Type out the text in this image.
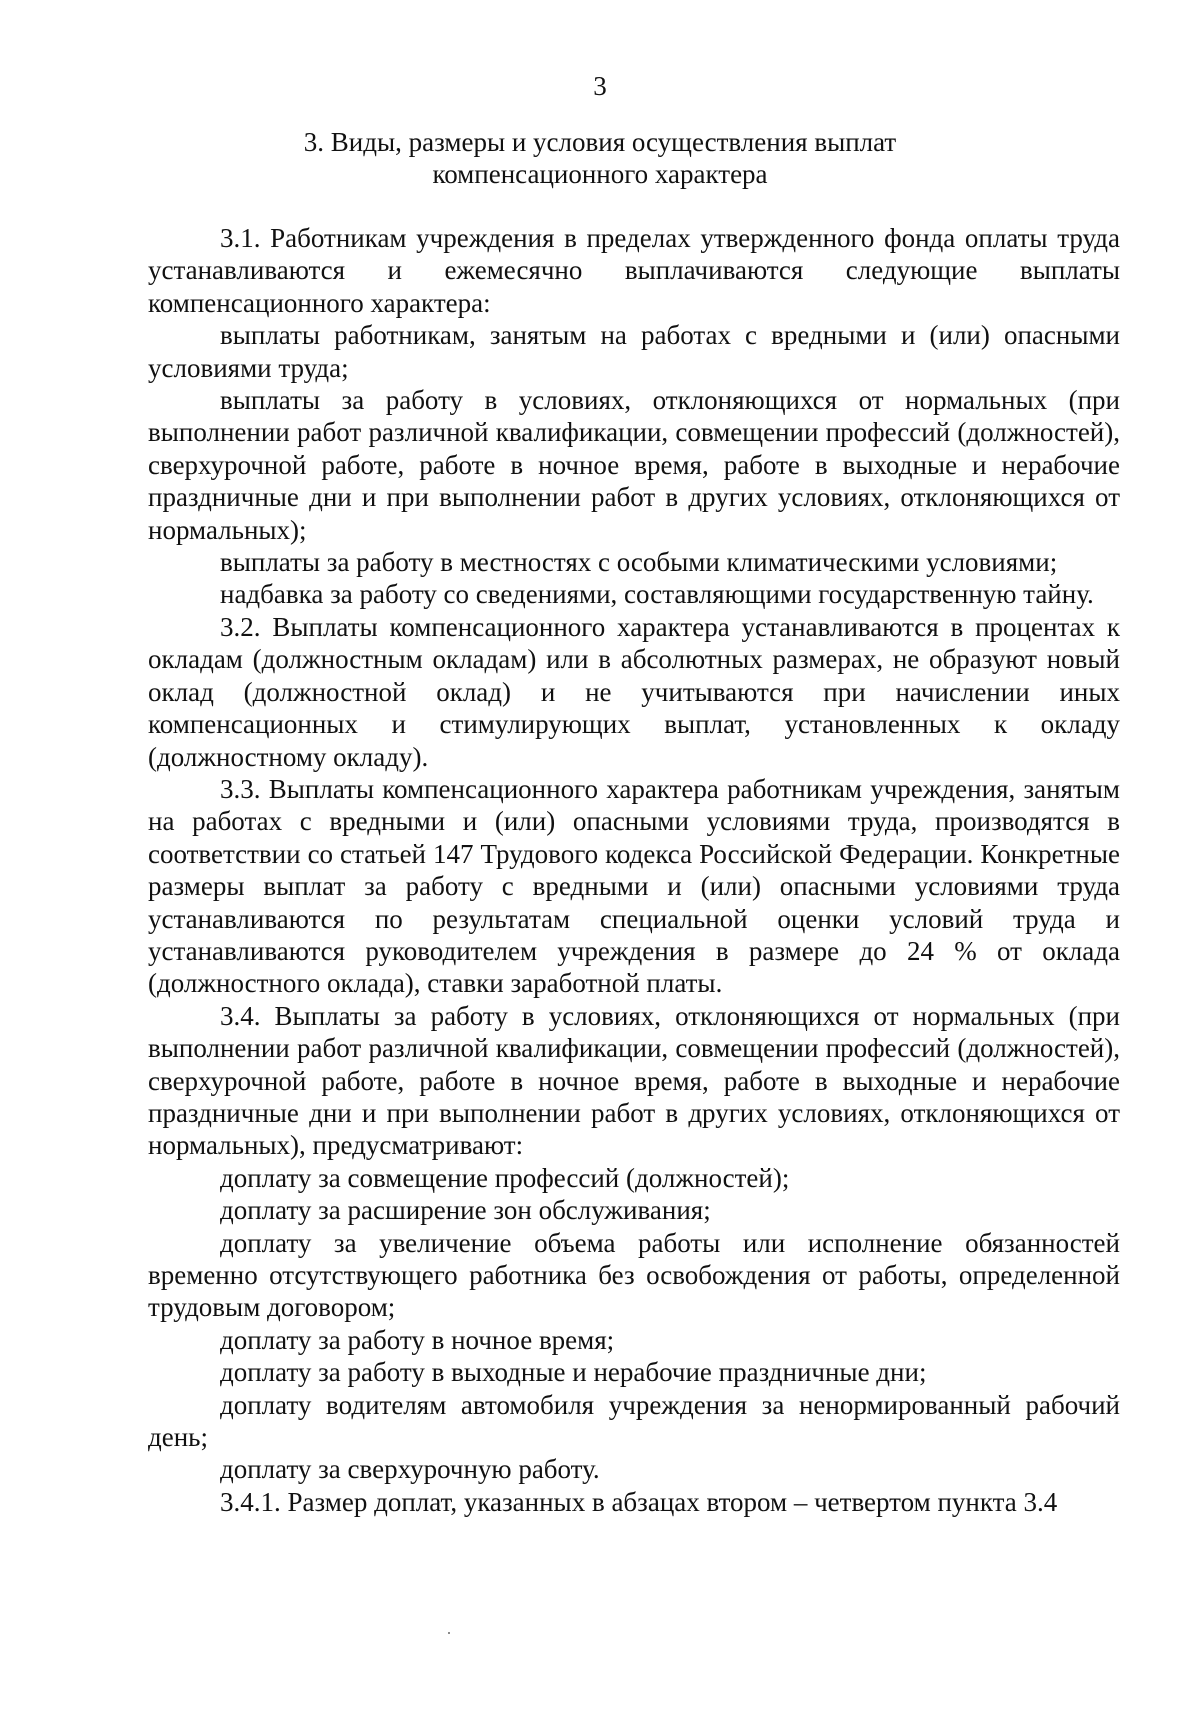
3
3. Виды, размеры и условия осуществления выплат
компенсационного характера

3.1. Работникам учреждения в пределах утвержденного фонда оплаты труда устанавливаются и ежемесячно выплачиваются следующие выплаты компенсационного характера:

выплаты работникам, занятым на работах с вредными и (или) опасными условиями труда;

выплаты за работу в условиях, отклоняющихся от нормальных (при выполнении работ различной квалификации, совмещении профессий (должностей), сверхурочной работе, работе в ночное время, работе в выходные и нерабочие праздничные дни и при выполнении работ в других условиях, отклоняющихся от нормальных);

выплаты за работу в местностях с особыми климатическими условиями;

надбавка за работу со сведениями, составляющими государственную тайну.

3.2. Выплаты компенсационного характера устанавливаются в процентах к окладам (должностным окладам) или в абсолютных размерах, не образуют новый оклад (должностной оклад) и не учитываются при начислении иных компенсационных и стимулирующих выплат, установленных к окладу (должностному окладу).

3.3. Выплаты компенсационного характера работникам учреждения, занятым на работах с вредными и (или) опасными условиями труда, производятся в соответствии со статьей 147 Трудового кодекса Российской Федерации. Конкретные размеры выплат за работу с вредными и (или) опасными условиями труда устанавливаются по результатам специальной оценки условий труда и устанавливаются руководителем учреждения в размере до 24 % от оклада (должностного оклада), ставки заработной платы.

3.4. Выплаты за работу в условиях, отклоняющихся от нормальных (при выполнении работ различной квалификации, совмещении профессий (должностей), сверхурочной работе, работе в ночное время, работе в выходные и нерабочие праздничные дни и при выполнении работ в других условиях, отклоняющихся от нормальных), предусматривают:

доплату за совмещение профессий (должностей);

доплату за расширение зон обслуживания;

доплату за увеличение объема работы или исполнение обязанностей временно отсутствующего работника без освобождения от работы, определенной трудовым договором;

доплату за работу в ночное время;

доплату за работу в выходные и нерабочие праздничные дни;

доплату водителям автомобиля учреждения за ненормированный рабочий день;

доплату за сверхурочную работу.

3.4.1. Размер доплат, указанных в абзацах втором – четвертом пункта 3.4
